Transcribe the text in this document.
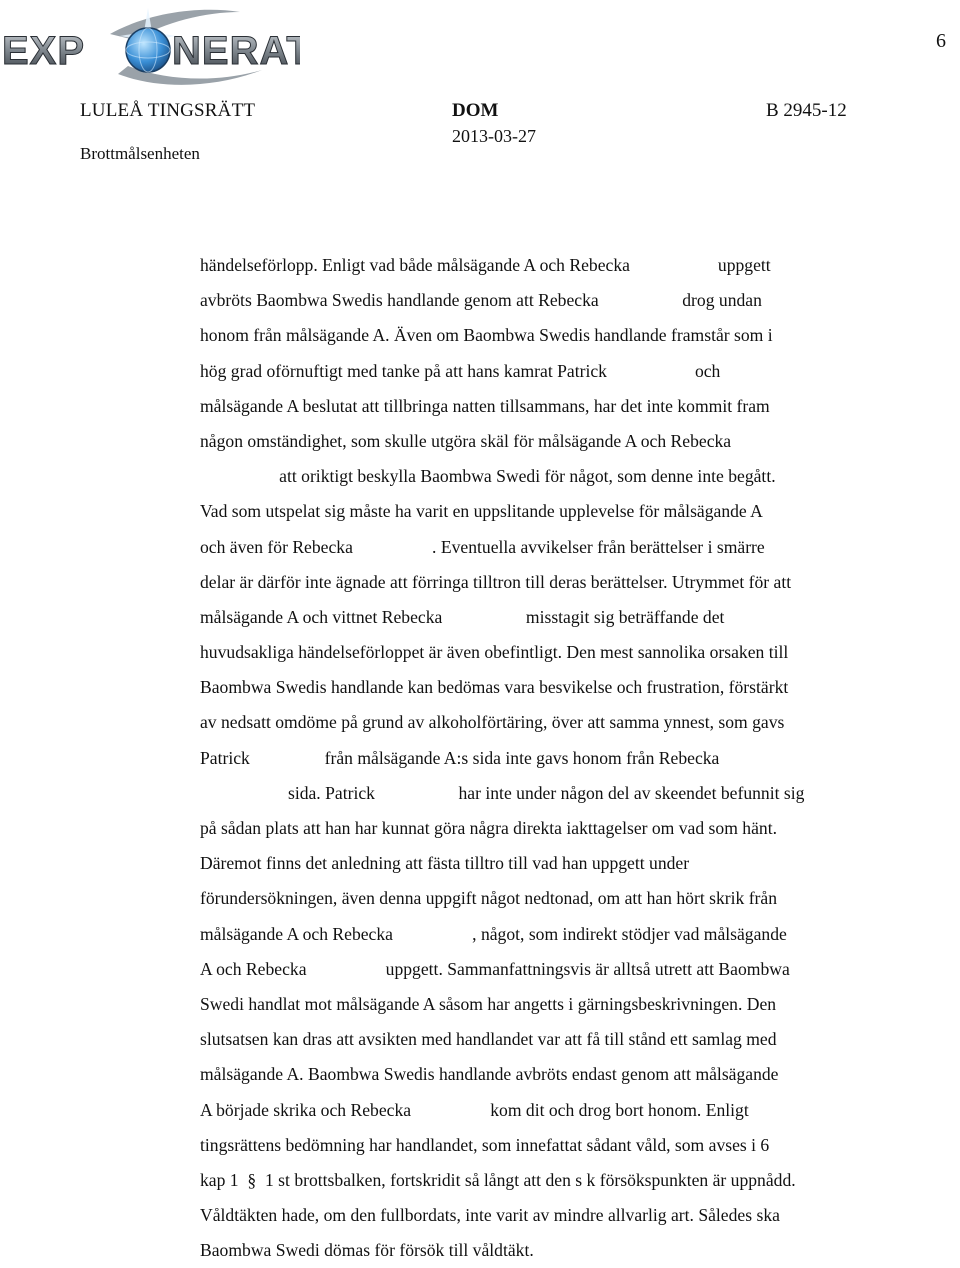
EXP NERAT
EXPONERAT
6
LULEÅ TINGSRÄTT
Brottmålsenheten
DOM
2013-03-27
B 2945-12
händelseförlopp. Enligt vad både målsägande A och Rebecka                    uppgett
avbröts Baombwa Swedis handlande genom att Rebecka                   drog undan
honom från målsägande A. Även om Baombwa Swedis handlande framstår som i
hög grad oförnuftigt med tanke på att hans kamrat Patrick                    och
målsägande A beslutat att tillbringa natten tillsammans, har det inte kommit fram
någon omständighet, som skulle utgöra skäl för målsägande A och Rebecka
att oriktigt beskylla Baombwa Swedi för något, som denne inte begått.
Vad som utspelat sig måste ha varit en uppslitande upplevelse för målsägande A
och även för Rebecka                  . Eventuella avvikelser från berättelser i smärre
delar är därför inte ägnade att förringa tilltron till deras berättelser. Utrymmet för att
målsägande A och vittnet Rebecka                   misstagit sig beträffande det
huvudsakliga händelseförloppet är även obefintligt. Den mest sannolika orsaken till
Baombwa Swedis handlande kan bedömas vara besvikelse och frustration, förstärkt
av nedsatt omdöme på grund av alkoholförtäring, över att samma ynnest, som gavs
Patrick                 från målsägande A:s sida inte gavs honom från Rebecka
sida. Patrick                   har inte under någon del av skeendet befunnit sig
på sådan plats att han har kunnat göra några direkta iakttagelser om vad som hänt.
Däremot finns det anledning att fästa tilltro till vad han uppgett under
förundersökningen, även denna uppgift något nedtonad, om att han hört skrik från
målsägande A och Rebecka                  , något, som indirekt stödjer vad målsägande
A och Rebecka                  uppgett. Sammanfattningsvis är alltså utrett att Baombwa
Swedi handlat mot målsägande A såsom har angetts i gärningsbeskrivningen. Den
slutsatsen kan dras att avsikten med handlandet var att få till stånd ett samlag med
målsägande A. Baombwa Swedis handlande avbröts endast genom att målsägande
A började skrika och Rebecka                  kom dit och drog bort honom. Enligt
tingsrättens bedömning har handlandet, som innefattat sådant våld, som avses i 6
kap 1  §  1 st brottsbalken, fortskridit så långt att den s k försökspunkten är uppnådd.
Våldtäkten hade, om den fullbordats, inte varit av mindre allvarlig art. Således ska
Baombwa Swedi dömas för försök till våldtäkt.
